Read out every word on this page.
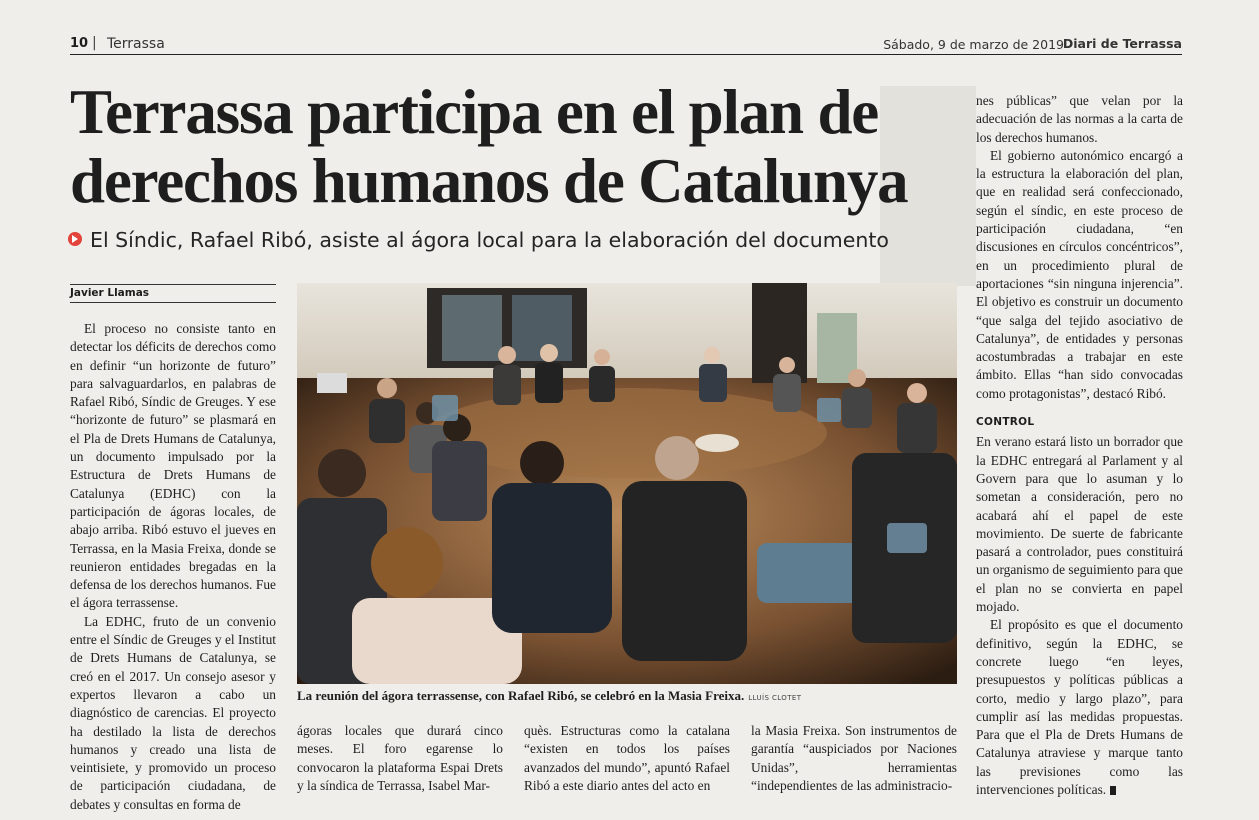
10 | Terrassa	Sábado, 9 de marzo de 2019
Diari de Terrassa
Terrassa participa en el plan de derechos humanos de Catalunya
El Síndic, Rafael Ribó, asiste al ágora local para la elaboración del documento
Javier Llamas

El proceso no consiste tanto en detectar los déficits de derechos como en definir “un horizonte de futuro” para salvaguardarlos, en palabras de Rafael Ribó, Síndic de Greuges. Y ese “horizonte de futuro” se plasmará en el Pla de Drets Humans de Catalunya, un documento impulsado por la Estructura de Drets Humans de Catalunya (EDHC) con la participación de ágoras locales, de abajo arriba. Ribó estuvo el jueves en Terrassa, en la Masia Freixa, donde se reunieron entidades bregadas en la defensa de los derechos humanos. Fue el ágora terrassense.

La EDHC, fruto de un convenio entre el Síndic de Greuges y el Institut de Drets Humans de Catalunya, se creó en el 2017. Un consejo asesor y expertos llevaron a cabo un diagnóstico de carencias. El proyecto ha destilado la lista de derechos humanos y creado una lista de veintisiete, y promovido un proceso de participación ciudadana, de debates y consultas en forma de

La reunión del ágora terrassense, con Rafael Ribó, se celebró en la Masia Freixa. LLUÍS CLOTET

ágoras locales que durará cinco meses. El foro egarense lo convocaron la plataforma Espai Drets y la síndica de Terrassa, Isabel Mar-

quès. Estructuras como la catalana “existen en todos los países avanzados del mundo”, apuntó Rafael Ribó a este diario antes del acto en

la Masia Freixa. Son instrumentos de garantía “auspiciados por Naciones Unidas”, herramientas “independientes de las administracio-

nes públicas” que velan por la adecuación de las normas a la carta de los derechos humanos.

El gobierno autonómico encargó a la estructura la elaboración del plan, que en realidad será confeccionado, según el síndic, en este proceso de participación ciudadana, “en discusiones en círculos concéntricos”, en un procedimiento plural de aportaciones “sin ninguna injerencia”. El objetivo es construir un documento “que salga del tejido asociativo de Catalunya”, de entidades y personas acostumbradas a trabajar en este ámbito. Ellas “han sido convocadas como protagonistas”, destacó Ribó.

CONTROL

En verano estará listo un borrador que la EDHC entregará al Parlament y al Govern para que lo asuman y lo sometan a consideración, pero no acabará ahí el papel de este movimiento. De suerte de fabricante pasará a controlador, pues constituirá un organismo de seguimiento para que el plan no se convierta en papel mojado.

El propósito es que el documento definitivo, según la EDHC, se concrete luego “en leyes, presupuestos y políticas públicas a corto, medio y largo plazo”, para cumplir así las medidas propuestas. Para que el Pla de Drets Humans de Catalunya atraviese y marque tanto las previsiones como las intervenciones políticas.
